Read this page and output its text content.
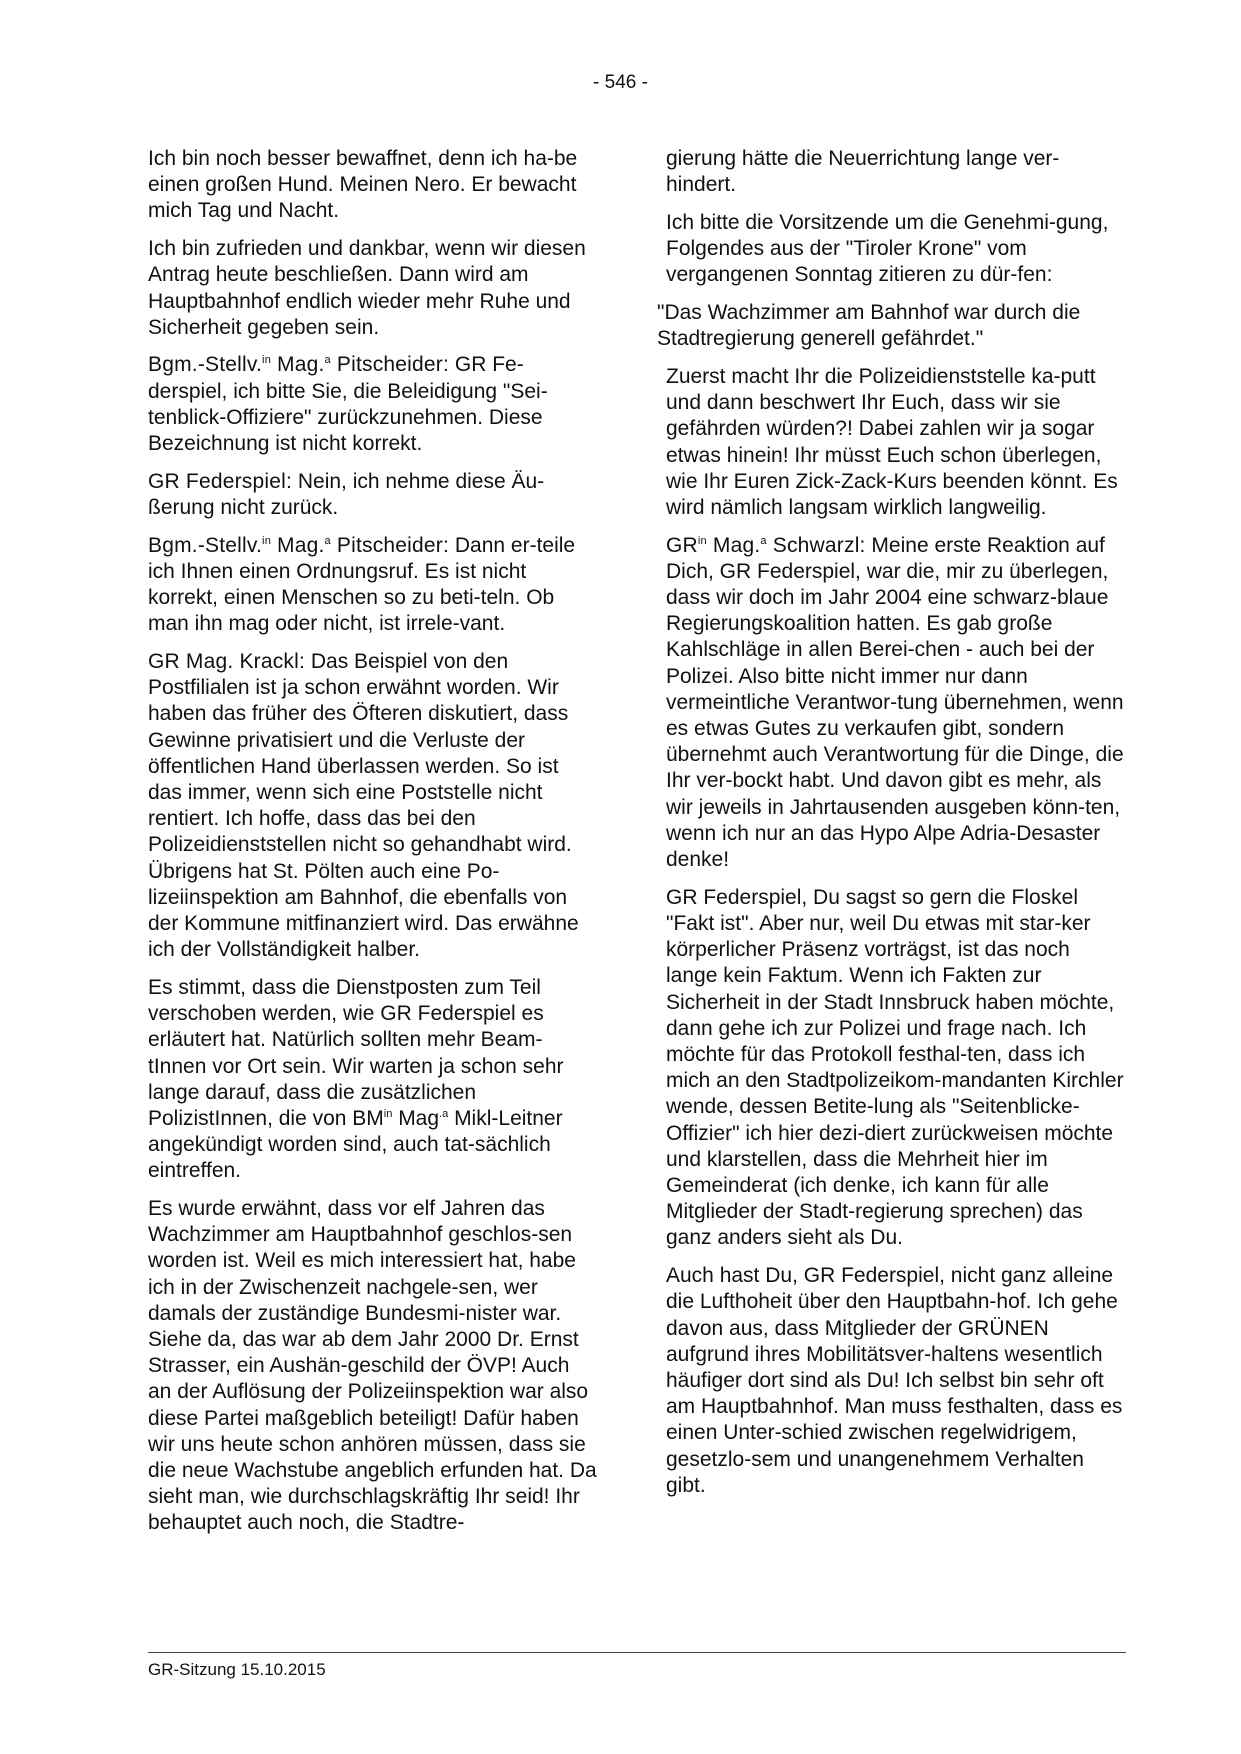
- 546 -

Ich bin noch besser bewaffnet, denn ich ha-be einen großen Hund. Meinen Nero. Er bewacht mich Tag und Nacht.

Ich bin zufrieden und dankbar, wenn wir diesen Antrag heute beschließen. Dann wird am Hauptbahnhof endlich wieder mehr Ruhe und Sicherheit gegeben sein.

Bgm.-Stellv.$^{in}$ Mag.$^a$ Pitscheider: GR Fe-derspiel, ich bitte Sie, die Beleidigung "Sei-tenblick-Offiziere" zurückzunehmen. Diese Bezeichnung ist nicht korrekt.

GR Federspiel: Nein, ich nehme diese Äu-ßerung nicht zurück.

Bgm.-Stellv.$^{in}$ Mag.$^a$ Pitscheider: Dann er-teile ich Ihnen einen Ordnungsruf. Es ist nicht korrekt, einen Menschen so zu beti-teln. Ob man ihn mag oder nicht, ist irrele-vant.

GR Mag. Krackl: Das Beispiel von den Postfilialen ist ja schon erwähnt worden. Wir haben das früher des Öfteren diskutiert, dass Gewinne privatisiert und die Verluste der öffentlichen Hand überlassen werden. So ist das immer, wenn sich eine Poststelle nicht rentiert. Ich hoffe, dass das bei den Polizeidienststellen nicht so gehandhabt wird. Übrigens hat St. Pölten auch eine Po-lizeiinspektion am Bahnhof, die ebenfalls von der Kommune mitfinanziert wird. Das erwähne ich der Vollständigkeit halber.

Es stimmt, dass die Dienstposten zum Teil verschoben werden, wie GR Federspiel es erläutert hat. Natürlich sollten mehr Beam-tInnen vor Ort sein. Wir warten ja schon sehr lange darauf, dass die zusätzlichen PolizistInnen, die von $BM^{in}$ Mag$^{.a}$ Mikl-Leitner angekündigt worden sind, auch tat-sächlich eintreffen.

Es wurde erwähnt, dass vor elf Jahren das Wachzimmer am Hauptbahnhof geschlos-sen worden ist. Weil es mich interessiert hat, habe ich in der Zwischenzeit nachgele-sen, wer damals der zuständige Bundesmi-nister war. Siehe da, das war ab dem Jahr 2000 Dr. Ernst Strasser, ein Aushän-geschild der ÖVP! Auch an der Auflösung der Polizeiinspektion war also diese Partei maßgeblich beteiligt! Dafür haben wir uns heute schon anhören müssen, dass sie die neue Wachstube angeblich erfunden hat. Da sieht man, wie durchschlagskräftig Ihr seid! Ihr behauptet auch noch, die Stadtre-

gierung hätte die Neuerrichtung lange ver-hindert.

Ich bitte die Vorsitzende um die Genehmi-gung, Folgendes aus der "Tiroler Krone" vom vergangenen Sonntag zitieren zu dür-fen:

"Das Wachzimmer am Bahnhof war durch die Stadtregierung generell gefährdet."

Zuerst macht Ihr die Polizeidienststelle ka-putt und dann beschwert Ihr Euch, dass wir sie gefährden würden?! Dabei zahlen wir ja sogar etwas hinein! Ihr müsst Euch schon überlegen, wie Ihr Euren Zick-Zack-Kurs beenden könnt. Es wird nämlich langsam wirklich langweilig.

$GR^{in}$ Mag.$^a$ Schwarzl: Meine erste Reaktion auf Dich, GR Federspiel, war die, mir zu überlegen, dass wir doch im Jahr 2004 eine schwarz-blaue Regierungskoalition hatten. Es gab große Kahlschläge in allen Berei-chen - auch bei der Polizei. Also bitte nicht immer nur dann vermeintliche Verantwor-tung übernehmen, wenn es etwas Gutes zu verkaufen gibt, sondern übernehmt auch Verantwortung für die Dinge, die Ihr ver-bockt habt. Und davon gibt es mehr, als wir jeweils in Jahrtausenden ausgeben könn-ten, wenn ich nur an das Hypo Alpe Adria-Desaster denke!

GR Federspiel, Du sagst so gern die Floskel "Fakt ist". Aber nur, weil Du etwas mit star-ker körperlicher Präsenz vorträgst, ist das noch lange kein Faktum. Wenn ich Fakten zur Sicherheit in der Stadt Innsbruck haben möchte, dann gehe ich zur Polizei und frage nach. Ich möchte für das Protokoll festhal-ten, dass ich mich an den Stadtpolizeikom-mandanten Kirchler wende, dessen Betite-lung als "Seitenblicke-Offizier" ich hier dezi-diert zurückweisen möchte und klarstellen, dass die Mehrheit hier im Gemeinderat (ich denke, ich kann für alle Mitglieder der Stadt-regierung sprechen) das ganz anders sieht als Du.

Auch hast Du, GR Federspiel, nicht ganz alleine die Lufthoheit über den Hauptbahn-hof. Ich gehe davon aus, dass Mitglieder der GRÜNEN aufgrund ihres Mobilitätsver-haltens wesentlich häufiger dort sind als Du! Ich selbst bin sehr oft am Hauptbahnhof. Man muss festhalten, dass es einen Unter-schied zwischen regelwidrigem, gesetzlo-sem und unangenehmem Verhalten gibt.

GR-Sitzung 15.10.2015
